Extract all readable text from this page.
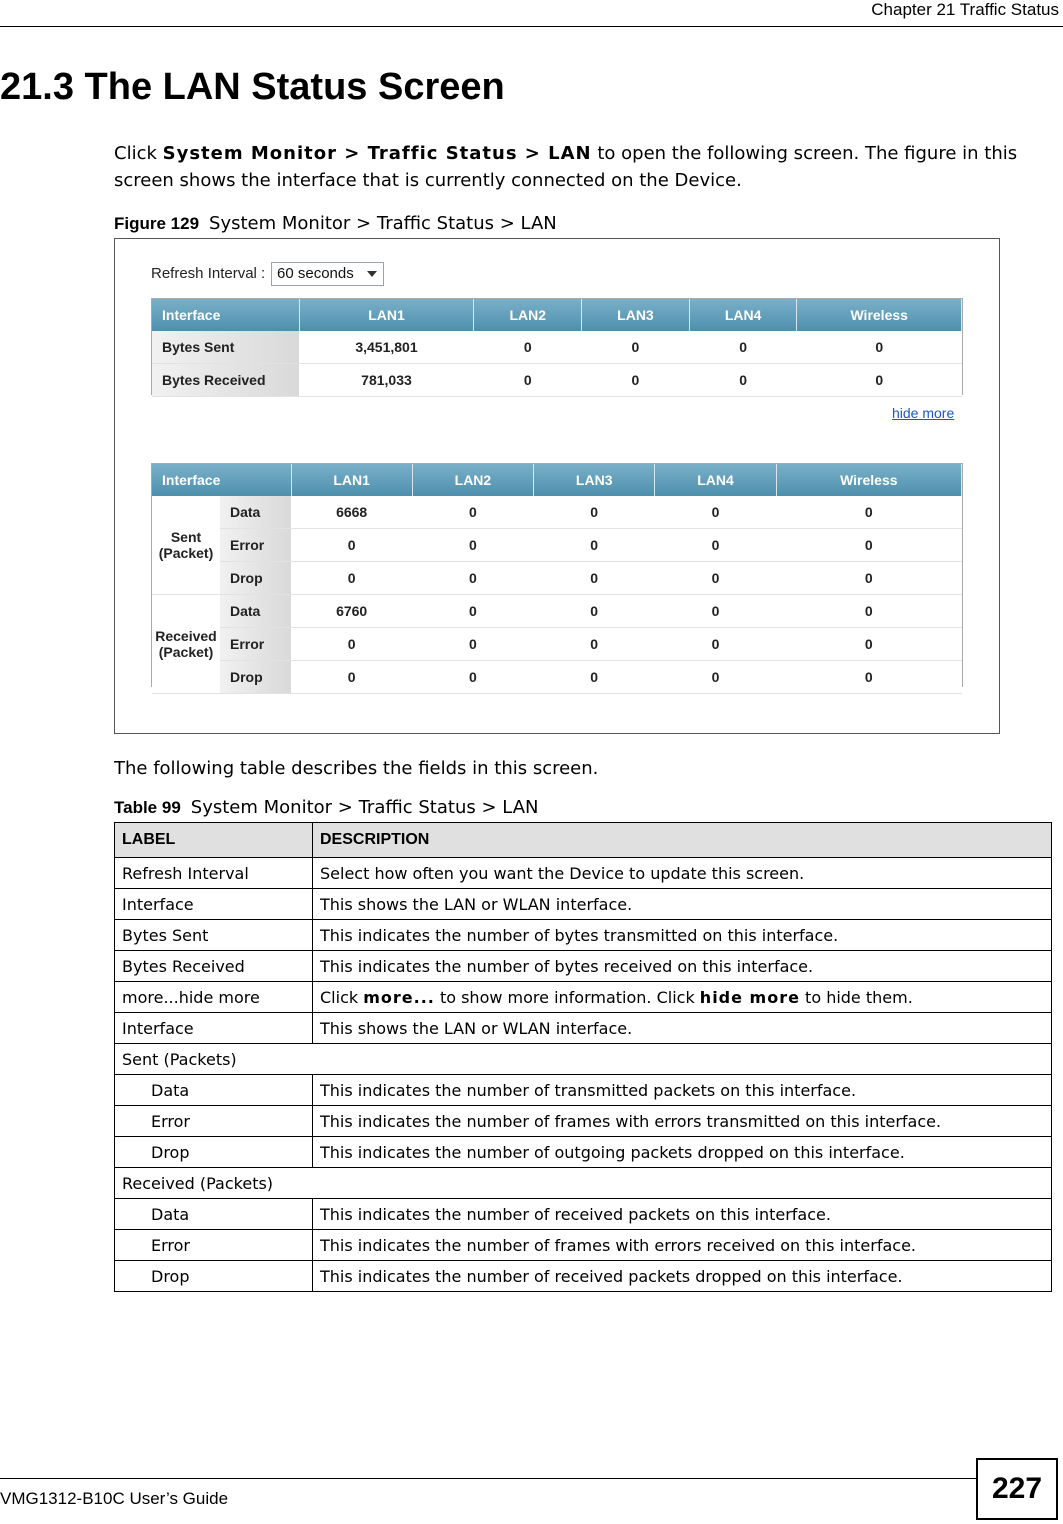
Chapter 21 Traffic Status
21.3 The LAN Status Screen
Click System Monitor > Traffic Status > LAN to open the following screen. The figure in this
screen shows the interface that is currently connected on the Device.
Figure 129 System Monitor > Traffic Status > LAN
Refresh Interval : 60 seconds
Interface	LAN1	LAN2	LAN3	LAN4	Wireless
Bytes Sent	3,451,801	0	0	0	0
Bytes Received	781,033	0	0	0	0
hide more
Interface		LAN1	LAN2	LAN3	LAN4	Wireless
Sent
(Packet)	Data	6668	0	0	0	0
	Error	0	0	0	0	0
	Drop	0	0	0	0	0
Received
(Packet)	Data	6760	0	0	0	0
	Error	0	0	0	0	0
	Drop	0	0	0	0	0
The following table describes the fields in this screen.
Table 99 System Monitor > Traffic Status > LAN
LABEL	DESCRIPTION
Refresh Interval	Select how often you want the Device to update this screen.
Interface	This shows the LAN or WLAN interface.
Bytes Sent	This indicates the number of bytes transmitted on this interface.
Bytes Received	This indicates the number of bytes received on this interface.
more...hide more	Click more... to show more information. Click hide more to hide them.
Interface	This shows the LAN or WLAN interface.
Sent (Packets)	
Data	This indicates the number of transmitted packets on this interface.
Error	This indicates the number of frames with errors transmitted on this interface.
Drop	This indicates the number of outgoing packets dropped on this interface.
Received (Packets)	
Data	This indicates the number of received packets on this interface.
Error	This indicates the number of frames with errors received on this interface.
Drop	This indicates the number of received packets dropped on this interface.
VMG1312-B10C User’s Guide	227
